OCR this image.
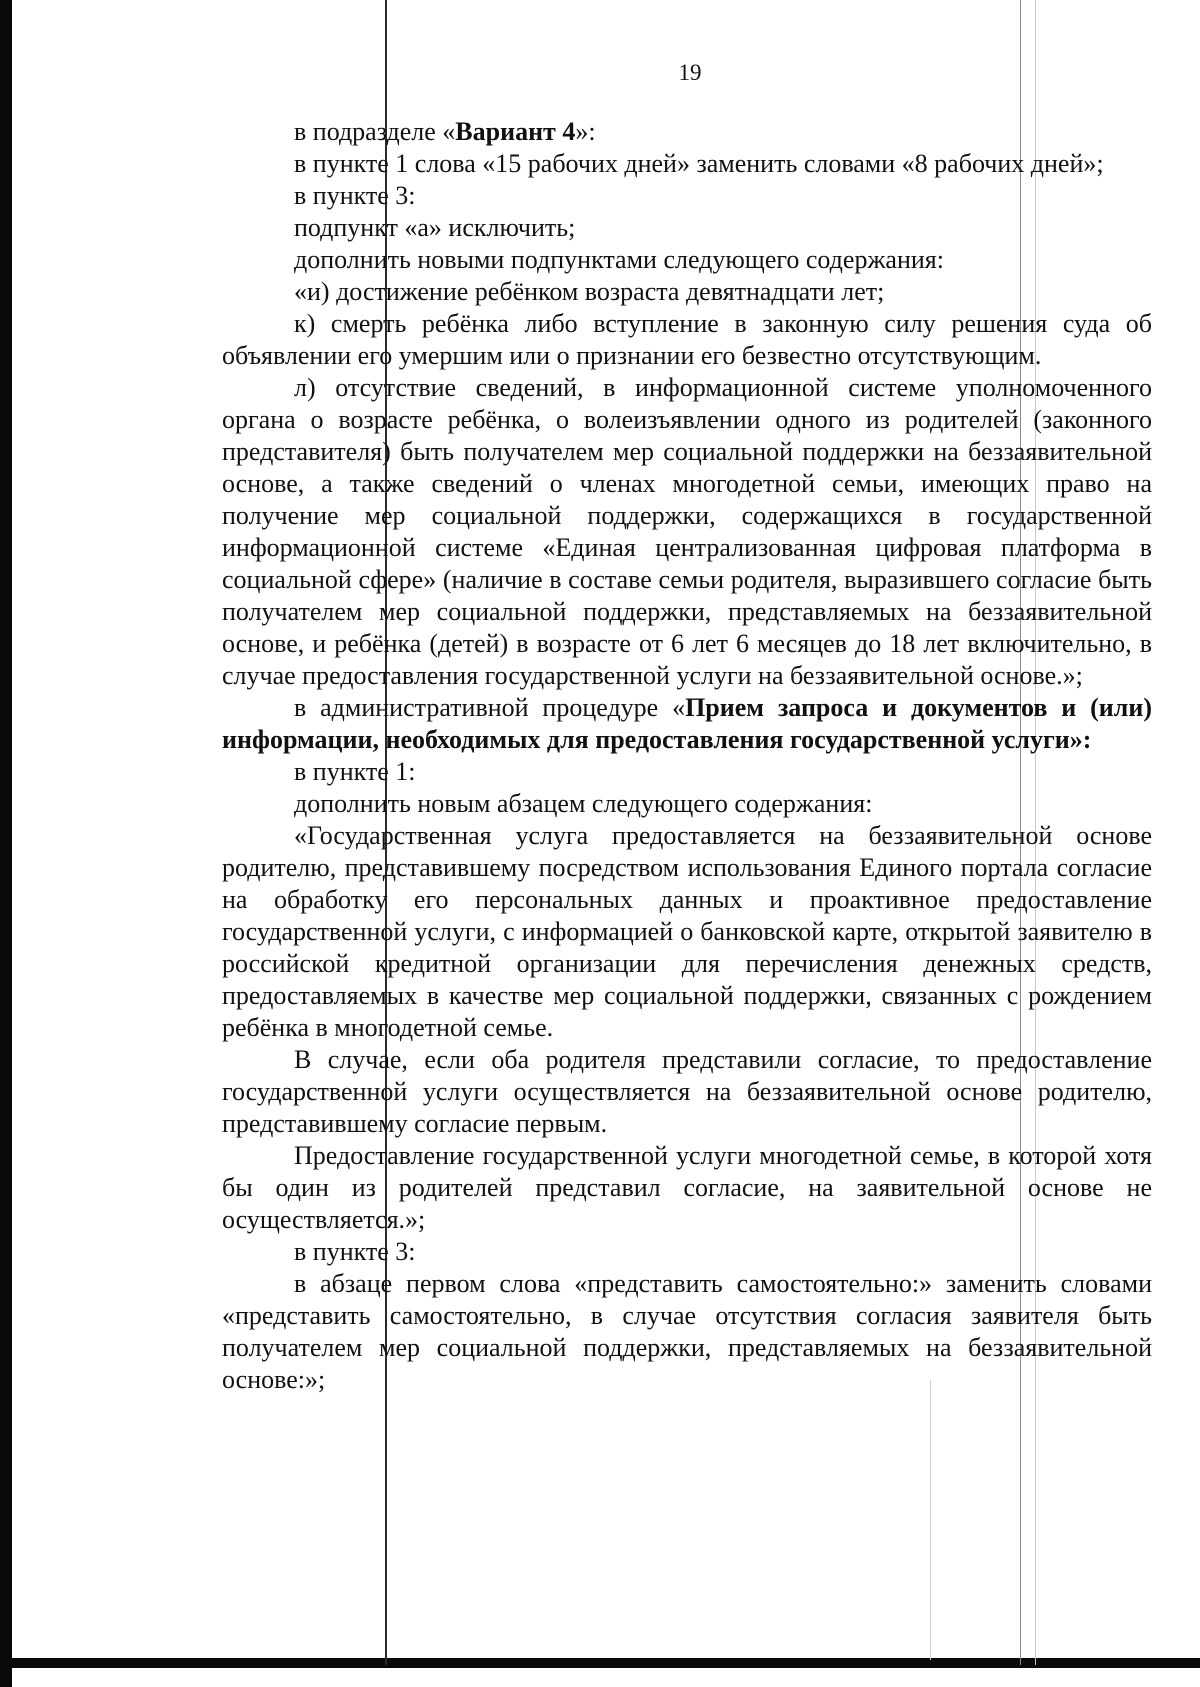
19

в подразделе «Вариант 4»:

в пункте 1 слова «15 рабочих дней» заменить словами «8 рабочих дней»;

в пункте 3:

подпункт «а» исключить;

дополнить новыми подпунктами следующего содержания:

«и) достижение ребёнком возраста девятнадцати лет;

к) смерть ребёнка либо вступление в законную силу решения суда об объявлении его умершим или о признании его безвестно отсутствующим.

л) отсутствие сведений, в информационной системе уполномоченного органа о возрасте ребёнка, о волеизъявлении одного из родителей (законного представителя) быть получателем мер социальной поддержки на беззаявительной основе, а также сведений о членах многодетной семьи, имеющих право на получение мер социальной поддержки, содержащихся в государственной информационной системе «Единая централизованная цифровая платформа в социальной сфере» (наличие в составе семьи родителя, выразившего согласие быть получателем мер социальной поддержки, представляемых на беззаявительной основе, и ребёнка (детей) в возрасте от 6 лет 6 месяцев до 18 лет включительно, в случае предоставления государственной услуги на беззаявительной основе.»;

в административной процедуре «Прием запроса и документов и (или) информации, необходимых для предоставления государственной услуги»:

в пункте 1:

дополнить новым абзацем следующего содержания:

«Государственная услуга предоставляется на беззаявительной основе родителю, представившему посредством использования Единого портала согласие на обработку его персональных данных и проактивное предоставление государственной услуги, с информацией о банковской карте, открытой заявителю в российской кредитной организации для перечисления денежных средств, предоставляемых в качестве мер социальной поддержки, связанных с рождением ребёнка в многодетной семье.

В случае, если оба родителя представили согласие, то предоставление государственной услуги осуществляется на беззаявительной основе родителю, представившему согласие первым.

Предоставление государственной услуги многодетной семье, в которой хотя бы один из родителей представил согласие, на заявительной основе не осуществляется.»;

в пункте 3:

в абзаце первом слова «представить самостоятельно:» заменить словами «представить самостоятельно, в случае отсутствия согласия заявителя быть получателем мер социальной поддержки, представляемых на беззаявительной основе:»;
